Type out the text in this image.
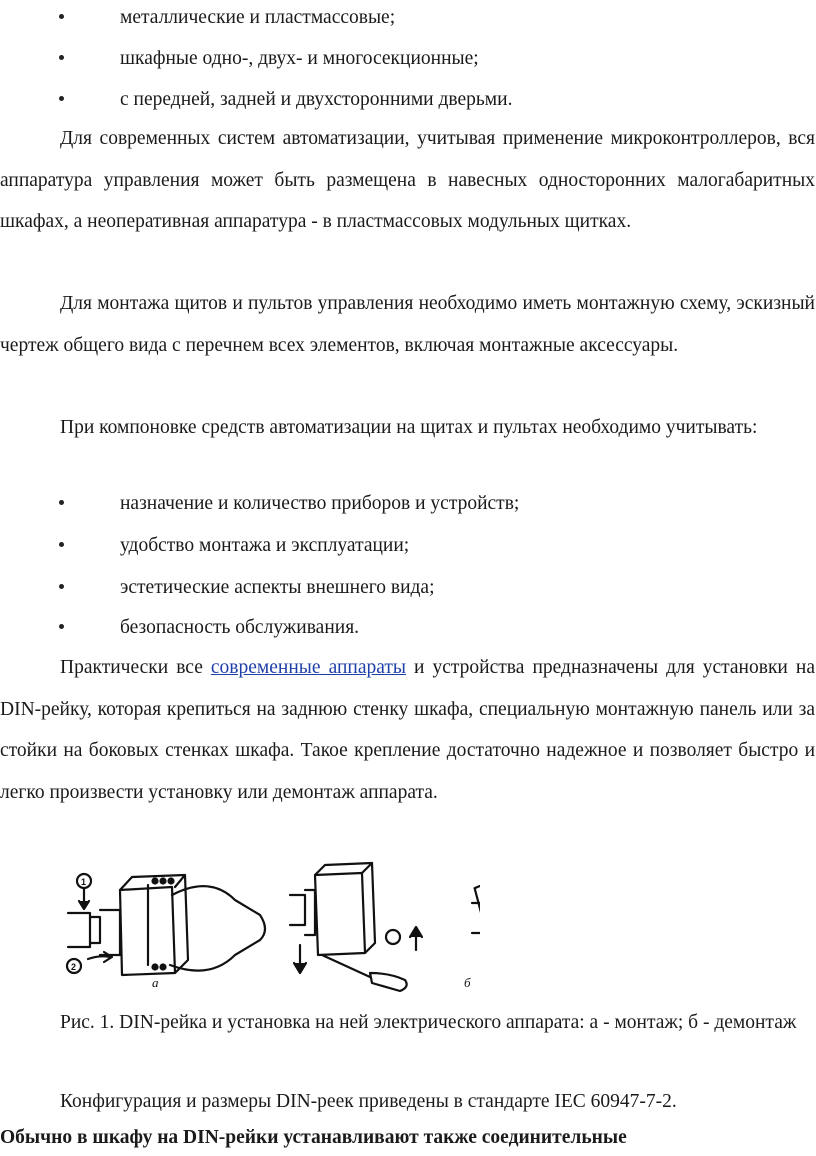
металлические и пластмассовые;
шкафные одно-, двух- и многосекционные;
с передней, задней и двухсторонними дверьми.

Для современных систем автоматизации, учитывая применение микроконтроллеров, вся аппаратура управления может быть размещена в навесных односторонних малогабаритных шкафах, а неоперативная аппаратура - в пластмассовых модульных щитках.

Для монтажа щитов и пультов управления необходимо иметь монтажную схему, эскизный чертеж общего вида с перечнем всех элементов, включая монтажные аксессуары.

При компоновке средств автоматизации на щитах и пультах необходимо учитывать:

назначение и количество приборов и устройств;
удобство монтажа и эксплуатации;
эстетические аспекты внешнего вида;
безопасность обслуживания.

Практически все современные аппараты и устройства предназначены для установки на DIN-рейку, которая крепиться на заднюю стенку шкафа, специальную монтажную панель или за стойки на боковых стенках шкафа. Такое крепление достаточно надежное и позволяет быстро и легко произвести установку или демонтаж аппарата.

а	б
1
2

Рис. 1. DIN-рейка и установка на ней электрического аппарата: а - монтаж; б - демонтаж

Конфигурация и размеры DIN-реек приведены в стандарте IEC 60947-7-2.

Обычно в шкафу на DIN-рейки устанавливают также соединительные
